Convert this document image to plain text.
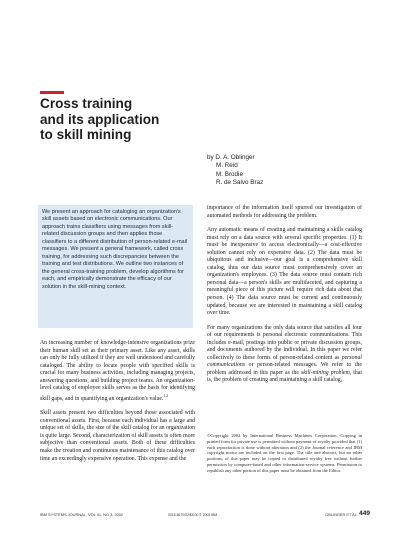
Cross training
and its application
to skill mining
by D. A. Oblinger
M. Reid
M. Brodie
R. de Salvo Braz
We present an approach for cataloging an organization's skill assets based on electronic communications. Our approach trains classifiers using messages from skill-related discussion groups and then applies those classifiers to a different distribution of person-related e-mail messages. We present a general framework, called cross training, for addressing such discrepancies between the training and test distributions. We outline two instances of the general cross-training problem, develop algorithms for each, and empirically demonstrate the efficacy of our solution in the skill-mining context.

An increasing number of knowledge-intensive organizations prize their human skill set as their primary asset. Like any asset, skills can only be fully utilized if they are well understood and carefully cataloged. The ability to locate people with specified skills is crucial for many business activities, including managing projects, answering questions, and building project teams. An organization-level catalog of employee skills serves as the basis for identifying skill gaps, and in quantifying an organization's value.$^{1,2}$

Skill assets present two difficulties beyond those associated with conventional assets. First, because each individual has a large and unique set of skills, the size of the skill catalog for an organization is quite large. Second, characterization of skill assets is often more subjective than conventional assets. Both of these difficulties make the creation and continuous maintenance of this catalog over time an exceedingly expensive operation. This expense and the

importance of the information itself spurred our investigation of automated methods for addressing the problem.

Any automatic means of creating and maintaining a skills catalog must rely on a data source with several specific properties. (1) It must be inexpensive to access electronically—a cost-effective solution cannot rely on expensive data. (2) The data must be ubiquitous and inclusive—our goal is a comprehensive skill catalog, thus our data source must comprehensively cover an organization's employees. (3) The data source must contain rich personal data—a person's skills are multifaceted, and capturing a meaningful piece of this picture will require rich data about that person. (4) The data source must be current and continuously updated, because we are interested in maintaining a skill catalog over time.

For many organizations the only data source that satisfies all four of our requirements is personal electronic communications. This includes e-mail, postings into public or private discussion groups, and documents authored by the individual. In this paper we refer collectively to these forms of person-related content as personal communications or person-related messages. We refer to the problem addressed in this paper as the skill-mining problem, that is, the problem of creating and maintaining a skill catalog,

©Copyright 2002 by International Business Machines Corporation. Copying in printed form for private use is permitted without payment of royalty provided that (1) each reproduction is done without alteration and (2) the Journal reference and IBM copyright notice are included on the first page. The title and abstract, but no other portions, of this paper may be copied or distributed royalty free without further permission by computer-based and other information-service systems. Permission to republish any other portion of this paper must be obtained from the Editor.
IBM SYSTEMS JOURNAL, VOL 41, NO 3, 2002	0018-8670/02/$5.00 © 2002 IBM	OBLINGER ET AL. 449
